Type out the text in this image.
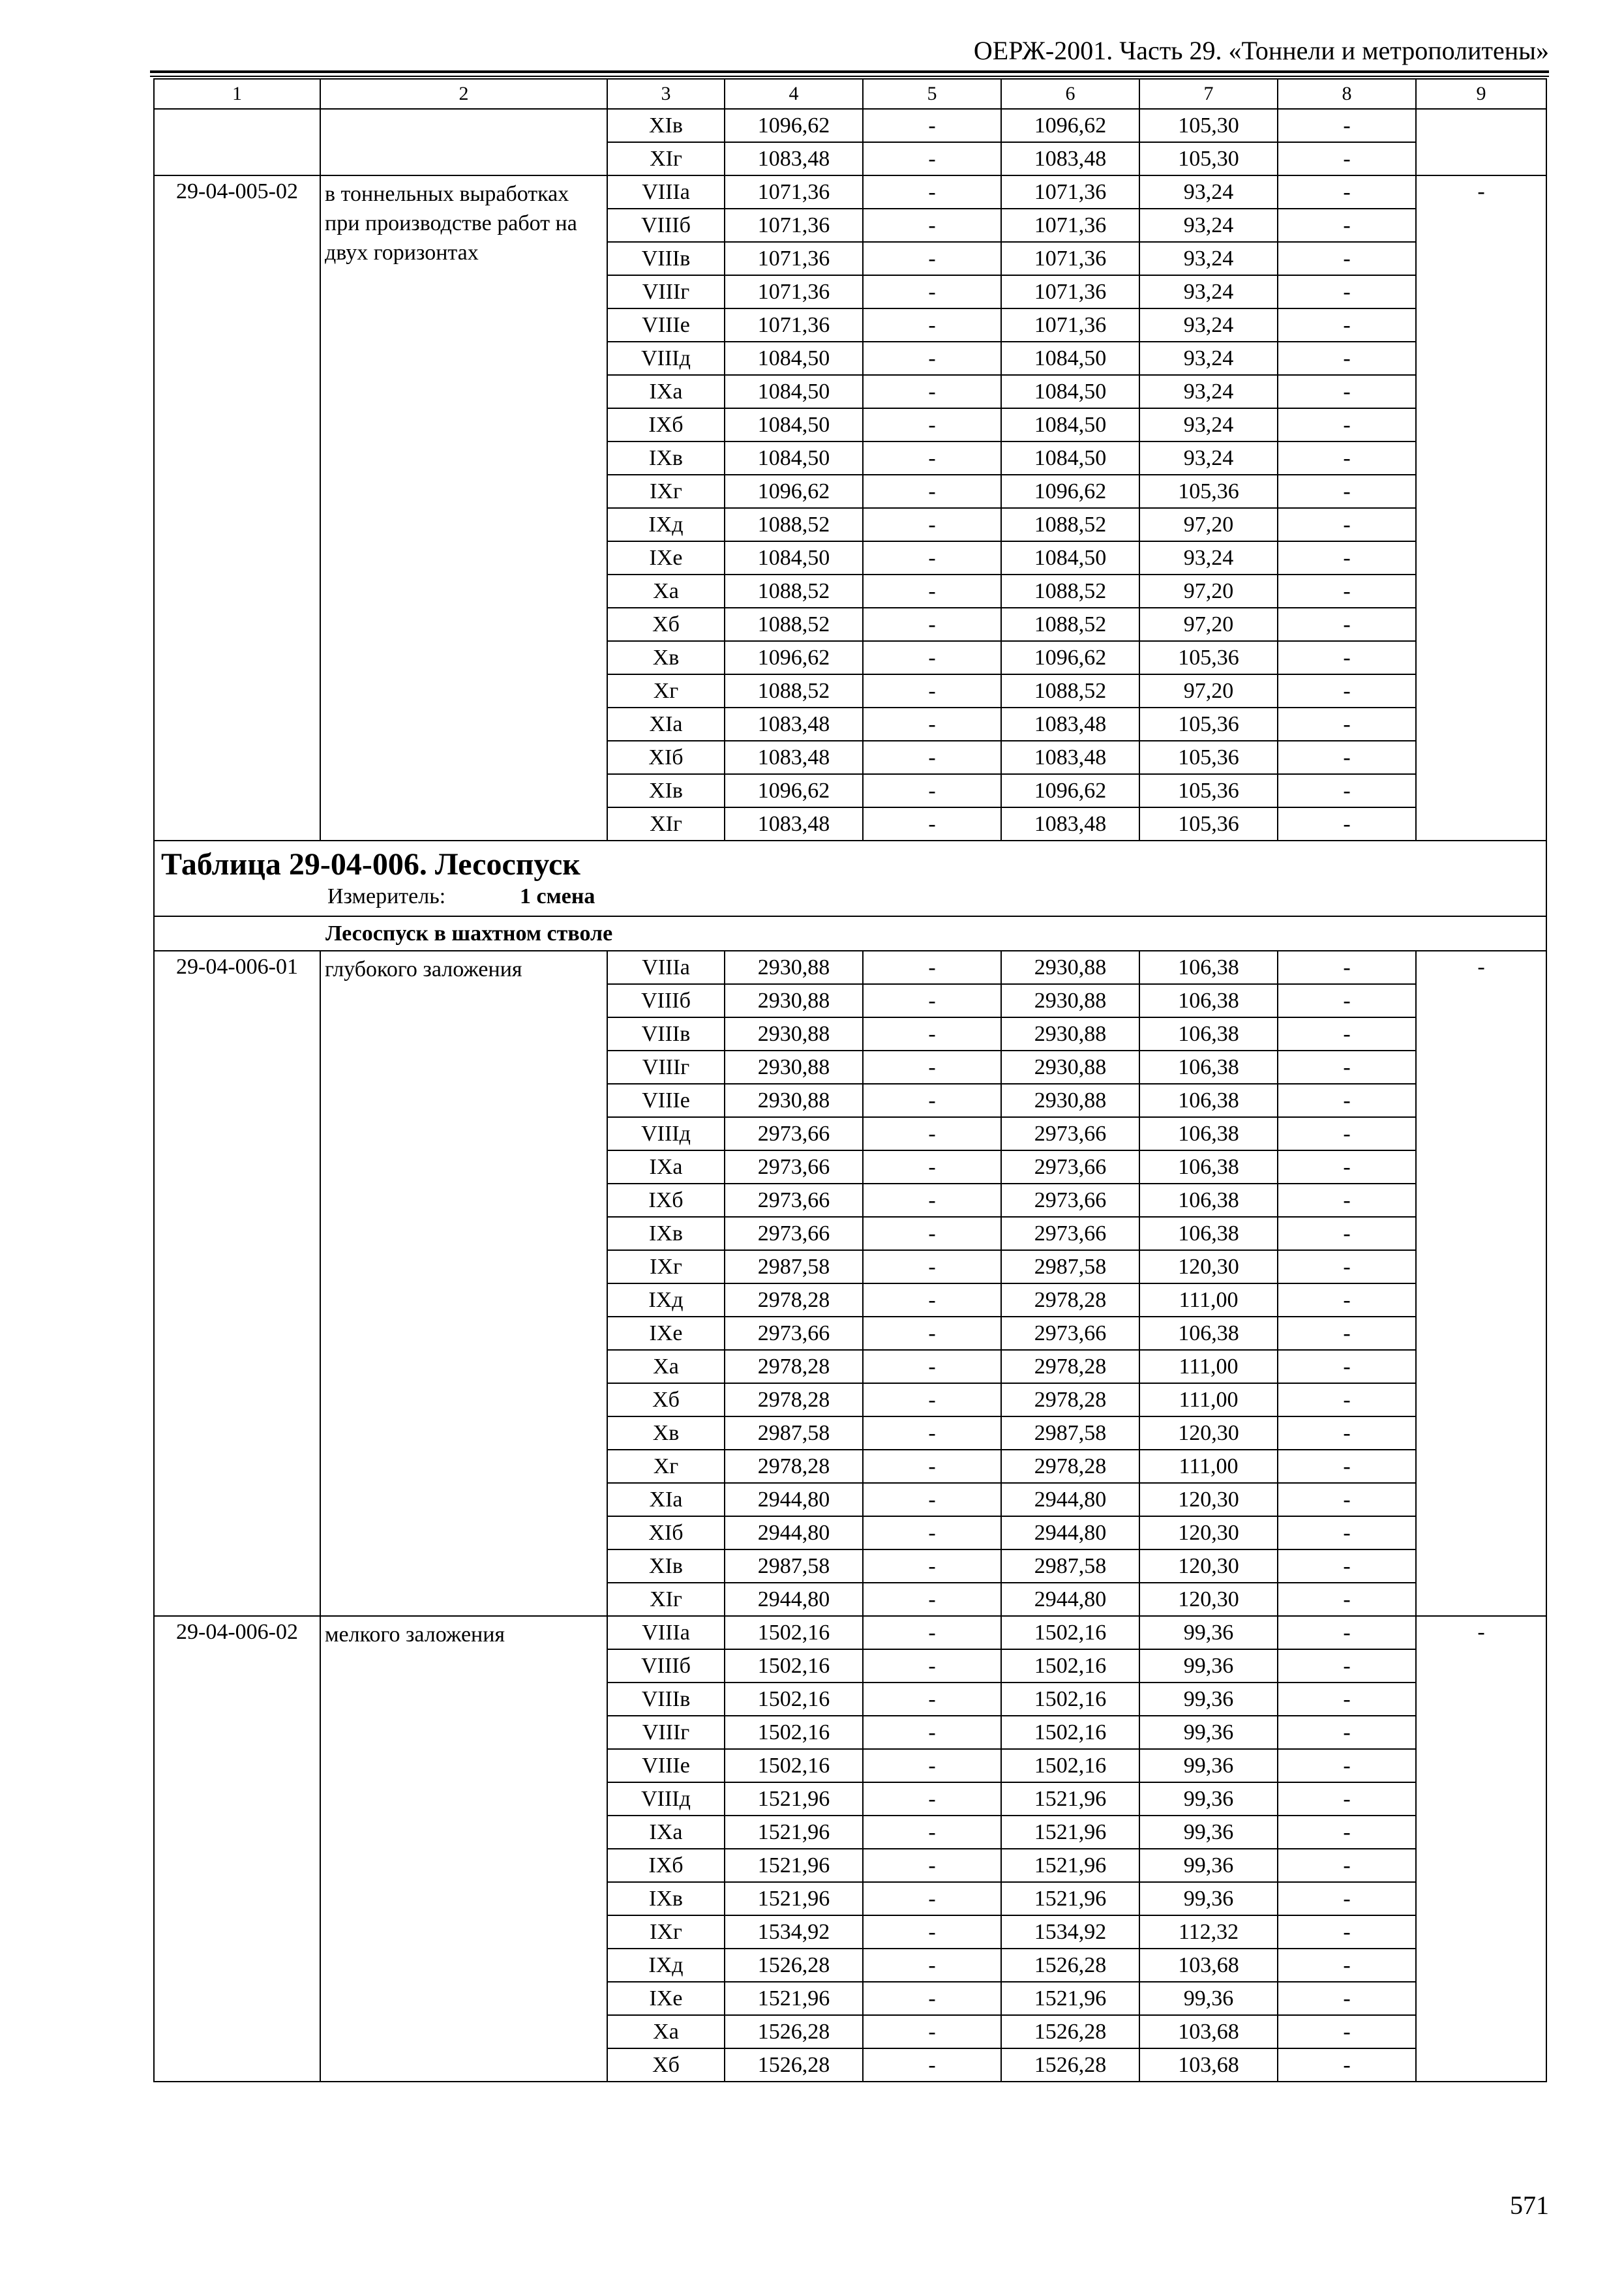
ОЕРЖ-2001. Часть 29. «Тоннели и метрополитены»
1	2	3	4	5	6	7	8	9
		XIв	1096,62	-	1096,62	105,30	-	
		XIг	1083,48	-	1083,48	105,30	-	
29-04-005-02	в тоннельных выработках при производстве работ на двух горизонтах	VIIIа	1071,36	-	1071,36	93,24	-	-
		VIIIб	1071,36	-	1071,36	93,24	-	
		VIIIв	1071,36	-	1071,36	93,24	-	
		VIIIг	1071,36	-	1071,36	93,24	-	
		VIIIе	1071,36	-	1071,36	93,24	-	
		VIIIд	1084,50	-	1084,50	93,24	-	
		IXа	1084,50	-	1084,50	93,24	-	
		IXб	1084,50	-	1084,50	93,24	-	
		IXв	1084,50	-	1084,50	93,24	-	
		IXг	1096,62	-	1096,62	105,36	-	
		IXд	1088,52	-	1088,52	97,20	-	
		IXе	1084,50	-	1084,50	93,24	-	
		Xа	1088,52	-	1088,52	97,20	-	
		Xб	1088,52	-	1088,52	97,20	-	
		Xв	1096,62	-	1096,62	105,36	-	
		Xг	1088,52	-	1088,52	97,20	-	
		XIа	1083,48	-	1083,48	105,36	-	
		XIб	1083,48	-	1083,48	105,36	-	
		XIв	1096,62	-	1096,62	105,36	-	
		XIг	1083,48	-	1083,48	105,36	-	

Таблица 29-04-006. Лесоспуск
Измеритель: 1 смена								

Лесоспуск в шахтном стволе								
29-04-006-01	глубокого заложения	VIIIа	2930,88	-	2930,88	106,38	-	-
		VIIIб	2930,88	-	2930,88	106,38	-	
		VIIIв	2930,88	-	2930,88	106,38	-	
		VIIIг	2930,88	-	2930,88	106,38	-	
		VIIIе	2930,88	-	2930,88	106,38	-	
		VIIIд	2973,66	-	2973,66	106,38	-	
		IXа	2973,66	-	2973,66	106,38	-	
		IXб	2973,66	-	2973,66	106,38	-	
		IXв	2973,66	-	2973,66	106,38	-	
		IXг	2987,58	-	2987,58	120,30	-	
		IXд	2978,28	-	2978,28	111,00	-	
		IXе	2973,66	-	2973,66	106,38	-	
		Xа	2978,28	-	2978,28	111,00	-	
		Xб	2978,28	-	2978,28	111,00	-	
		Xв	2987,58	-	2987,58	120,30	-	
		Xг	2978,28	-	2978,28	111,00	-	
		XIа	2944,80	-	2944,80	120,30	-	
		XIб	2944,80	-	2944,80	120,30	-	
		XIв	2987,58	-	2987,58	120,30	-	
		XIг	2944,80	-	2944,80	120,30	-	
29-04-006-02	мелкого заложения	VIIIа	1502,16	-	1502,16	99,36	-	-
		VIIIб	1502,16	-	1502,16	99,36	-	
		VIIIв	1502,16	-	1502,16	99,36	-	
		VIIIг	1502,16	-	1502,16	99,36	-	
		VIIIе	1502,16	-	1502,16	99,36	-	
		VIIIд	1521,96	-	1521,96	99,36	-	
		IXа	1521,96	-	1521,96	99,36	-	
		IXб	1521,96	-	1521,96	99,36	-	
		IXв	1521,96	-	1521,96	99,36	-	
		IXг	1534,92	-	1534,92	112,32	-	
		IXд	1526,28	-	1526,28	103,68	-	
		IXе	1521,96	-	1521,96	99,36	-	
		Xа	1526,28	-	1526,28	103,68	-	
		Xб	1526,28	-	1526,28	103,68	-	
571
